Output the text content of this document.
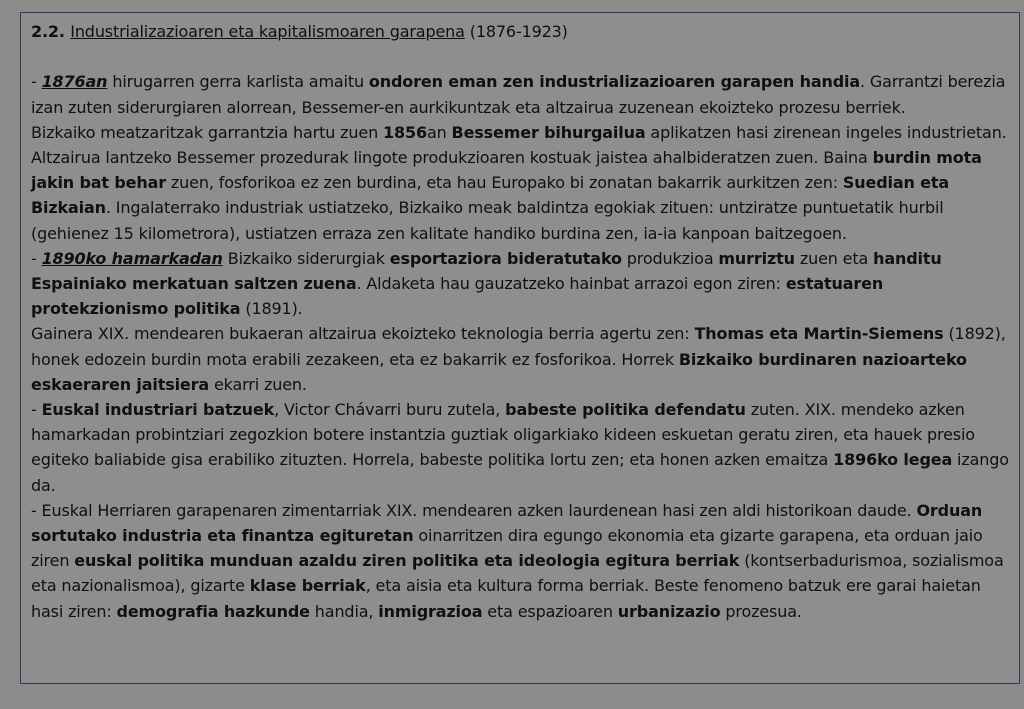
2.2. Industrializazioaren eta kapitalismoaren garapena (1876-1923)

- 1876an hirugarren gerra karlista amaitu ondoren eman zen industrializazioaren garapen handia. Garrantzi berezia izan zuten siderurgiaren alorrean, Bessemer-en aurkikuntzak eta altzairua zuzenean ekoizteko prozesu berriek.

Bizkaiko meatzaritzak garrantzia hartu zuen 1856an Bessemer bihurgailua aplikatzen hasi zirenean ingeles industrietan. Altzairua lantzeko Bessemer prozedurak lingote produkzioaren kostuak jaistea ahalbideratzen zuen. Baina burdin mota jakin bat behar zuen, fosforikoa ez zen burdina, eta hau Europako bi zonatan bakarrik aurkitzen zen: Suedian eta Bizkaian. Ingalaterrako industriak ustiatzeko, Bizkaiko meak baldintza egokiak zituen: untziratze puntuetatik hurbil (gehienez 15 kilometrora), ustiatzen erraza zen kalitate handiko burdina zen, ia-ia kanpoan baitzegoen.

- 1890ko hamarkadan Bizkaiko siderurgiak esportaziora bideratutako produkzioa murriztu zuen eta handitu Espainiako merkatuan saltzen zuena. Aldaketa hau gauzatzeko hainbat arrazoi egon ziren: estatuaren protekzionismo politika (1891).

Gainera XIX. mendearen bukaeran altzairua ekoizteko teknologia berria agertu zen: Thomas eta Martin-Siemens (1892), honek edozein burdin mota erabili zezakeen, eta ez bakarrik ez fosforikoa. Horrek Bizkaiko burdinaren nazioarteko eskaeraren jaitsiera ekarri zuen.

- Euskal industriari batzuek, Victor Chávarri buru zutela, babeste politika defendatu zuten. XIX. mendeko azken hamarkadan probintziari zegozkion botere instantzia guztiak oligarkiako kideen eskuetan geratu ziren, eta hauek presio egiteko baliabide gisa erabiliko zituzten. Horrela, babeste politika lortu zen; eta honen azken emaitza 1896ko legea izango da.

- Euskal Herriaren garapenaren zimentarriak XIX. mendearen azken laurdenean hasi zen aldi historikoan daude. Orduan sortutako industria eta finantza egituretan oinarritzen dira egungo ekonomia eta gizarte garapena, eta orduan jaio ziren euskal politika munduan azaldu ziren politika eta ideologia egitura berriak (kontserbadurismoa, sozialismoa eta nazionalismoa), gizarte klase berriak, eta aisia eta kultura forma berriak. Beste fenomeno batzuk ere garai haietan hasi ziren: demografia hazkunde handia, inmigrazioa eta espazioaren urbanizazio prozesua.
